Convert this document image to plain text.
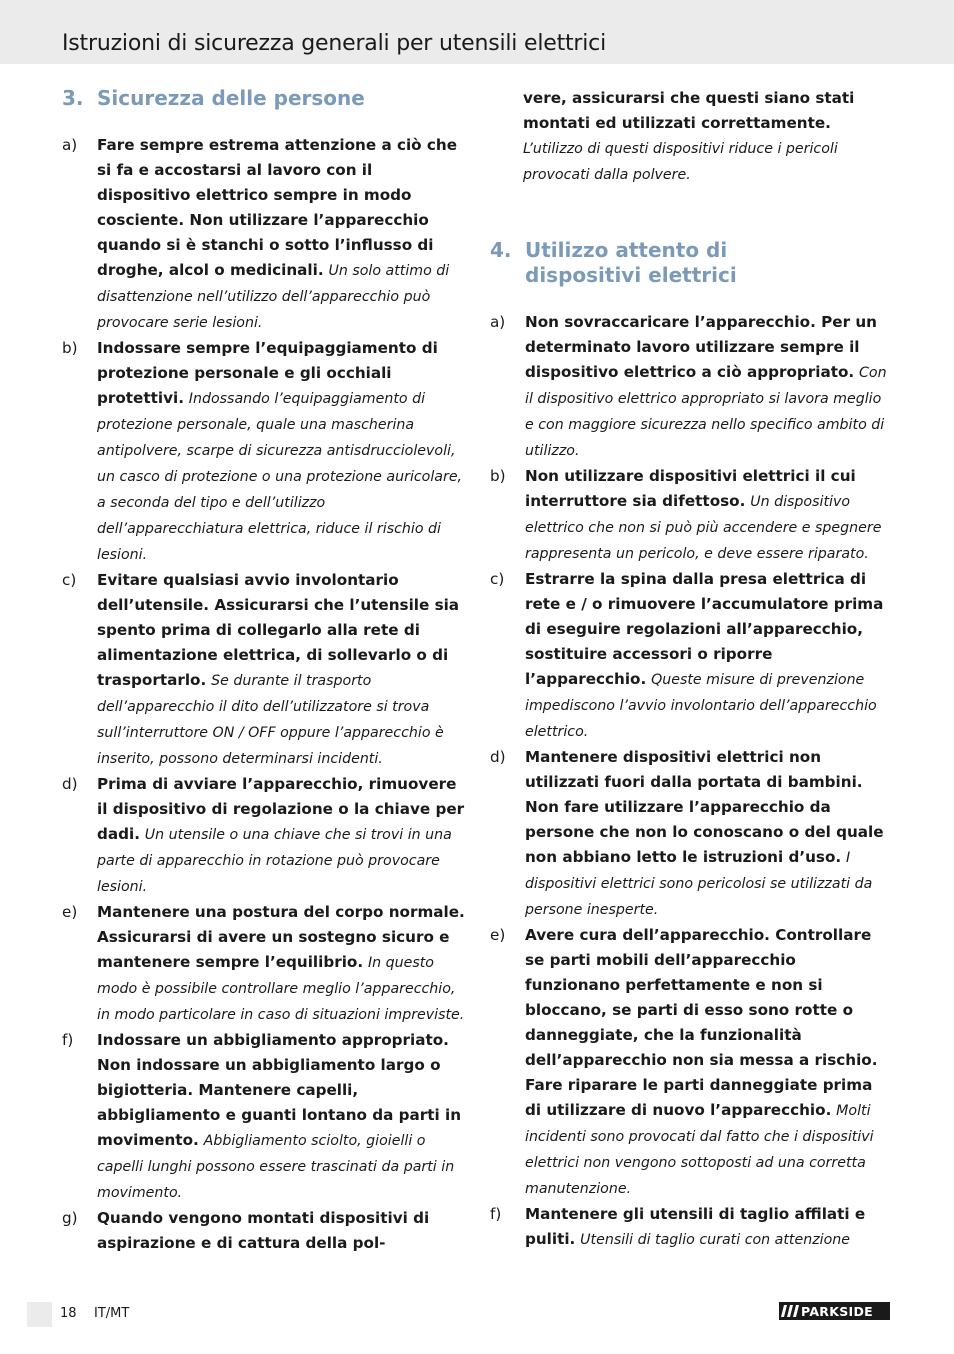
Istruzioni di sicurezza generali per utensili elettrici
3. Sicurezza delle persone
a)	Fare sempre estrema attenzione a ciò che si fa e accostarsi al lavoro con il dispositivo elettrico sempre in modo cosciente. Non utilizzare l’apparecchio quando si è stanchi o sotto l’influsso di droghe, alcol o medicinali. Un solo attimo di disattenzione nell’utilizzo dell’apparecchio può provocare serie lesioni.
b)	Indossare sempre l’equipaggiamento di protezione personale e gli occhiali protettivi. Indossando l’equipaggiamento di protezione personale, quale una mascherina antipolvere, scarpe di sicurezza antisdrucciolevoli, un casco di protezione o una protezione auricolare, a seconda del tipo e dell’utilizzo dell’apparecchiatura elettrica, riduce il rischio di lesioni.
c)	Evitare qualsiasi avvio involontario dell’utensile. Assicurarsi che l’utensile sia spento prima di collegarlo alla rete di alimentazione elettrica, di sollevarlo o di trasportarlo. Se durante il trasporto dell’apparecchio il dito dell’utilizzatore si trova sull’interruttore ON / OFF oppure l’apparecchio è inserito, possono determinarsi incidenti.
d)	Prima di avviare l’apparecchio, rimuovere il dispositivo di regolazione o la chiave per dadi. Un utensile o una chiave che si trovi in una parte di apparecchio in rotazione può provocare lesioni.
e)	Mantenere una postura del corpo normale. Assicurarsi di avere un sostegno sicuro e mantenere sempre l’equilibrio. In questo modo è possibile controllare meglio l’apparecchio, in modo particolare in caso di situazioni impreviste.
f)	Indossare un abbigliamento appropriato. Non indossare un abbigliamento largo o bigiotteria. Mantenere capelli, abbigliamento e guanti lontano da parti in movimento. Abbigliamento sciolto, gioielli o capelli lunghi possono essere trascinati da parti in movimento.
g)	Quando vengono montati dispositivi di aspirazione e di cattura della pol-
vere, assicurarsi che questi siano stati montati ed utilizzati correttamente. L’utilizzo di questi dispositivi riduce i pericoli provocati dalla polvere.
4. Utilizzo attento di dispositivi elettrici
a)	Non sovraccaricare l’apparecchio. Per un determinato lavoro utilizzare sempre il dispositivo elettrico a ciò appropriato. Con il dispositivo elettrico appropriato si lavora meglio e con maggiore sicurezza nello specifico ambito di utilizzo.
b)	Non utilizzare dispositivi elettrici il cui interruttore sia difettoso. Un dispositivo elettrico che non si può più accendere e spegnere rappresenta un pericolo, e deve essere riparato.
c)	Estrarre la spina dalla presa elettrica di rete e / o rimuovere l’accumulatore prima di eseguire regolazioni all’apparecchio, sostituire accessori o riporre l’apparecchio. Queste misure di prevenzione impediscono l’avvio involontario dell’apparecchio elettrico.
d)	Mantenere dispositivi elettrici non utilizzati fuori dalla portata di bambini. Non fare utilizzare l’apparecchio da persone che non lo conoscano o del quale non abbiano letto le istruzioni d’uso. I dispositivi elettrici sono pericolosi se utilizzati da persone inesperte.
e)	Avere cura dell’apparecchio. Controllare se parti mobili dell’apparecchio funzionano perfettamente e non si bloccano, se parti di esso sono rotte o danneggiate, che la funzionalità dell’apparecchio non sia messa a rischio. Fare riparare le parti danneggiate prima di utilizzare di nuovo l’apparecchio. Molti incidenti sono provocati dal fatto che i dispositivi elettrici non vengono sottoposti ad una corretta manutenzione.
f)	Mantenere gli utensili di taglio affilati e puliti. Utensili di taglio curati con attenzione
18 IT/MT	PARKSIDE
